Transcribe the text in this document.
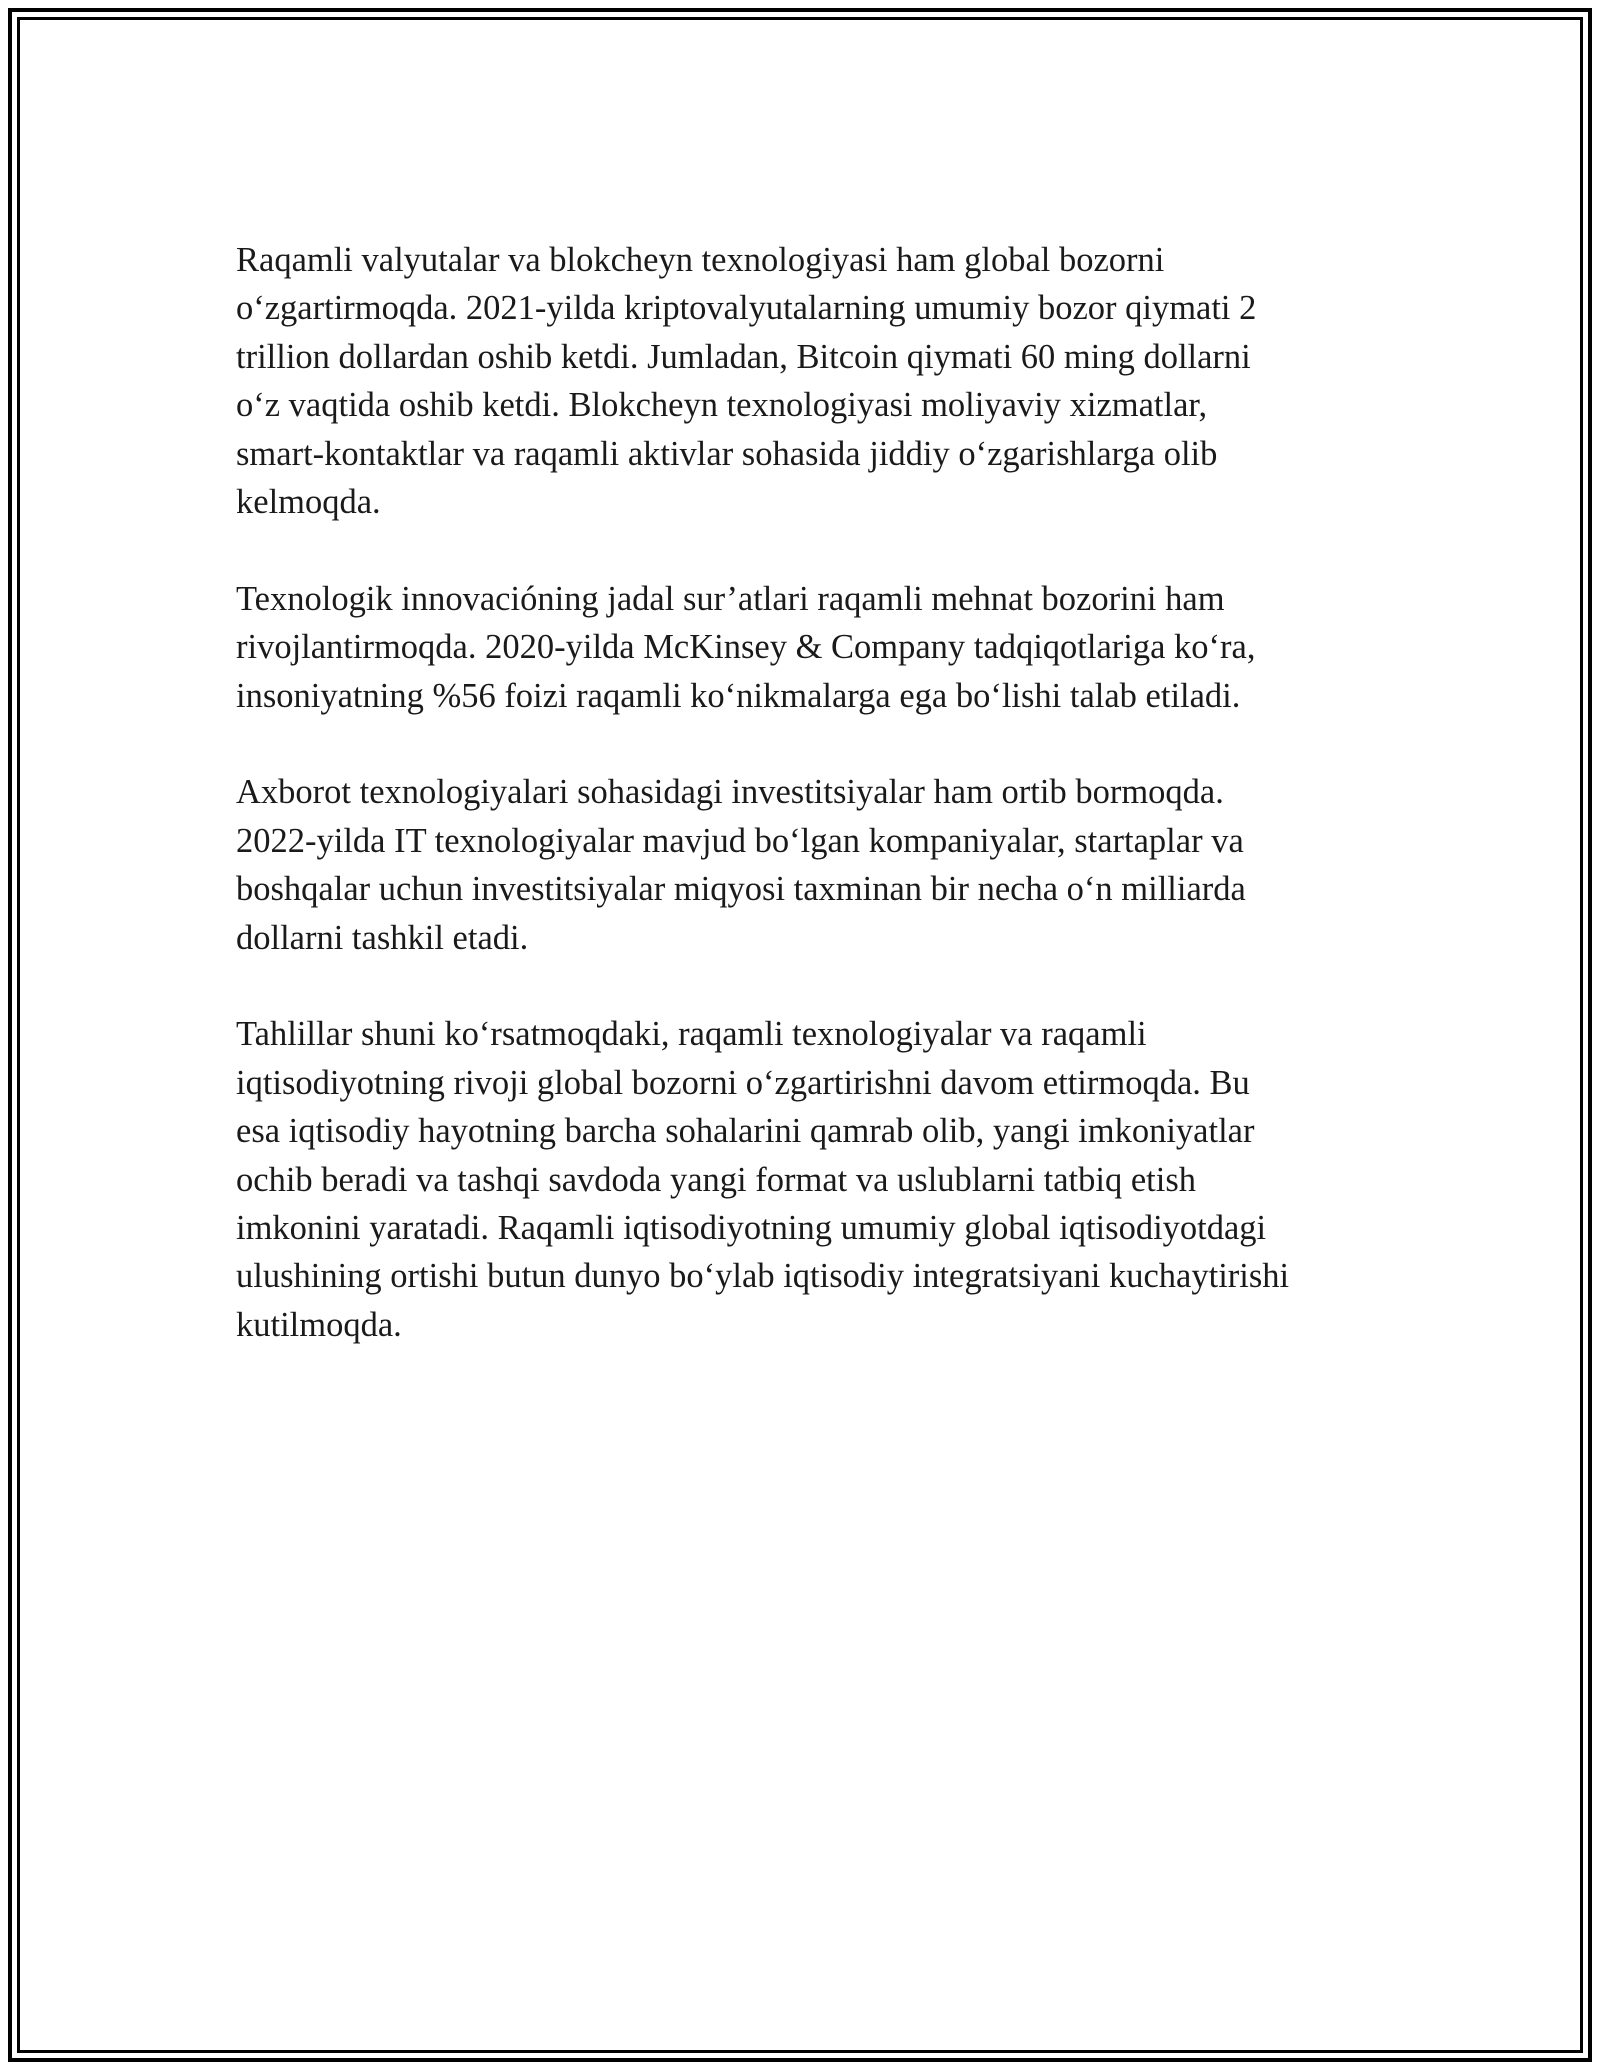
Raqamli valyutalar va blokcheyn texnologiyasi ham global bozorni
o‘zgartirmoqda. 2021-yilda kriptovalyutalarning umumiy bozor qiymati 2
trillion dollardan oshib ketdi. Jumladan, Bitcoin qiymati 60 ming dollarni
o‘z vaqtida oshib ketdi. Blokcheyn texnologiyasi moliyaviy xizmatlar,
smart-kontaktlar va raqamli aktivlar sohasida jiddiy o‘zgarishlarga olib
kelmoqda.

Texnologik innovacióning jadal sur’atlari raqamli mehnat bozorini ham
rivojlantirmoqda. 2020-yilda McKinsey & Company tadqiqotlariga ko‘ra,
insoniyatning %56 foizi raqamli ko‘nikmalarga ega bo‘lishi talab etiladi.

Axborot texnologiyalari sohasidagi investitsiyalar ham ortib bormoqda.
2022-yilda IT texnologiyalar mavjud bo‘lgan kompaniyalar, startaplar va
boshqalar uchun investitsiyalar miqyosi taxminan bir necha o‘n milliarda
dollarni tashkil etadi.

Tahlillar shuni ko‘rsatmoqdaki, raqamli texnologiyalar va raqamli
iqtisodiyotning rivoji global bozorni o‘zgartirishni davom ettirmoqda. Bu
esa iqtisodiy hayotning barcha sohalarini qamrab olib, yangi imkoniyatlar
ochib beradi va tashqi savdoda yangi format va uslublarni tatbiq etish
imkonini yaratadi. Raqamli iqtisodiyotning umumiy global iqtisodiyotdagi
ulushining ortishi butun dunyo bo‘ylab iqtisodiy integratsiyani kuchaytirishi
kutilmoqda.
